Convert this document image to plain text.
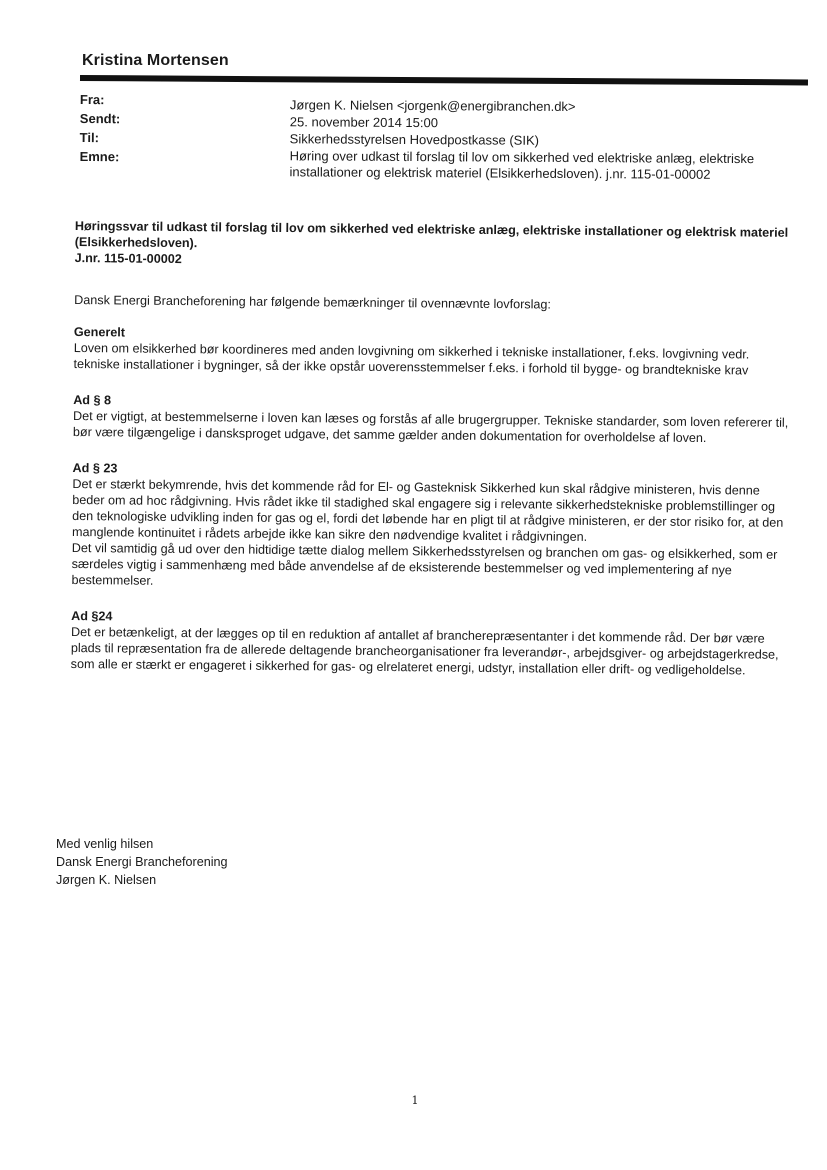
Kristina Mortensen
Fra:
Sendt:
Til:
Emne:
Jørgen K. Nielsen <jorgenk@energibranchen.dk>
25. november 2014 15:00
Sikkerhedsstyrelsen Hovedpostkasse (SIK)
Høring over udkast til forslag til lov om sikkerhed ved elektriske anlæg, elektriske installationer og elektrisk materiel (Elsikkerhedsloven). j.nr. 115-01-00002

Høringssvar til udkast til forslag til lov om sikkerhed ved elektriske anlæg, elektriske installationer og elektrisk materiel (Elsikkerhedsloven).

J.nr. 115-01-00002

Dansk Energi Brancheforening har følgende bemærkninger til ovennævnte lovforslag:

Generelt

Loven om elsikkerhed bør koordineres med anden lovgivning om sikkerhed i tekniske installationer, f.eks. lovgivning vedr. tekniske installationer i bygninger, så der ikke opstår uoverensstemmelser f.eks. i forhold til bygge- og brandtekniske krav

Ad § 8

Det er vigtigt, at bestemmelserne i loven kan læses og forstås af alle brugergrupper. Tekniske standarder, som loven refererer til, bør være tilgængelige i dansksproget udgave, det samme gælder anden dokumentation for overholdelse af loven.

Ad § 23

Det er stærkt bekymrende, hvis det kommende råd for El- og Gasteknisk Sikkerhed kun skal rådgive ministeren, hvis denne beder om ad hoc rådgivning. Hvis rådet ikke til stadighed skal engagere sig i relevante sikkerhedstekniske problemstillinger og den teknologiske udvikling inden for gas og el, fordi det løbende har en pligt til at rådgive ministeren, er der stor risiko for, at den manglende kontinuitet i rådets arbejde ikke kan sikre den nødvendige kvalitet i rådgivningen.

Det vil samtidig gå ud over den hidtidige tætte dialog mellem Sikkerhedsstyrelsen og branchen om gas- og elsikkerhed, som er særdeles vigtig i sammenhæng med både anvendelse af de eksisterende bestemmelser og ved implementering af nye bestemmelser.

Ad §24

Det er betænkeligt, at der lægges op til en reduktion af antallet af brancherepræsentanter i det kommende råd. Der bør være plads til repræsentation fra de allerede deltagende brancheorganisationer fra leverandør-, arbejdsgiver- og arbejdstagerkredse, som alle er stærkt er engageret i sikkerhed for gas- og elrelateret energi, udstyr, installation eller drift- og vedligeholdelse.

Med venlig hilsen
Dansk Energi Brancheforening
Jørgen K. Nielsen
1
